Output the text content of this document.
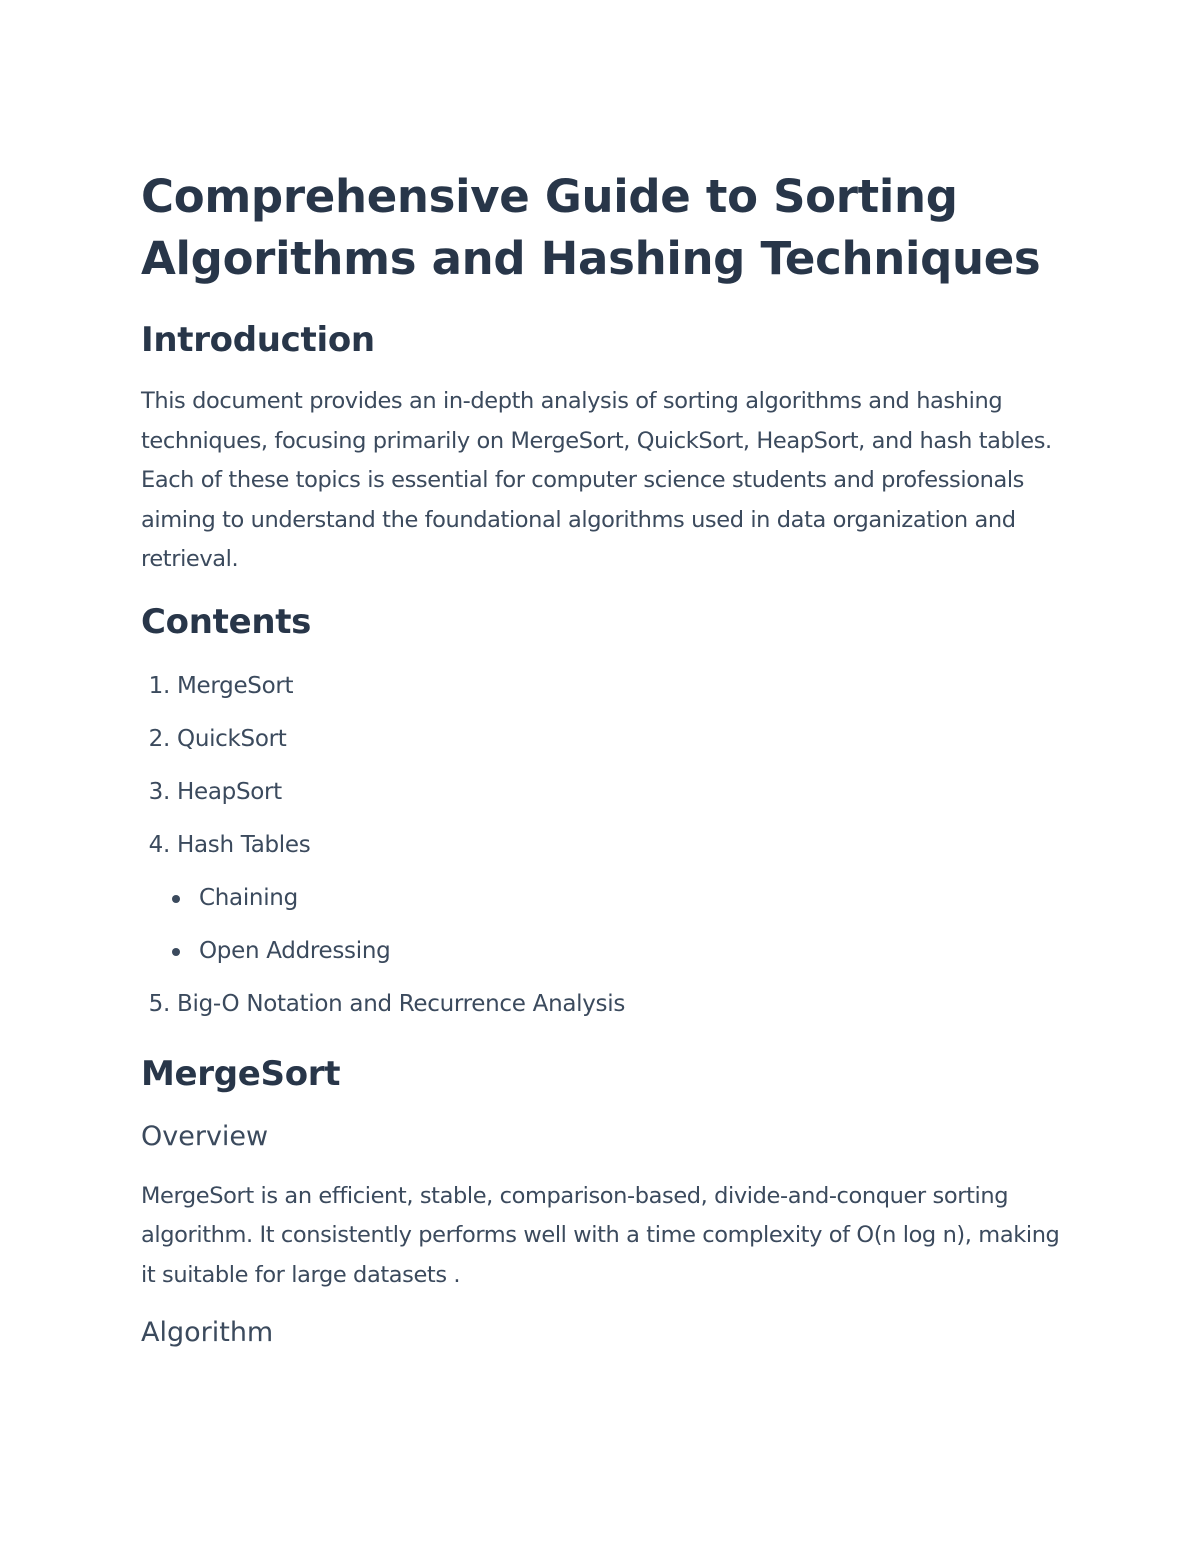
Comprehensive Guide to Sorting Algorithms and Hashing Techniques
Introduction

This document provides an in-depth analysis of sorting algorithms and hashing techniques, focusing primarily on MergeSort, QuickSort, HeapSort, and hash tables. Each of these topics is essential for computer science students and professionals aiming to understand the foundational algorithms used in data organization and retrieval.

Contents
1. MergeSort
2. QuickSort
3. HeapSort
4. Hash Tables
Chaining
Open Addressing
5. Big-O Notation and Recurrence Analysis
MergeSort
Overview

MergeSort is an efficient, stable, comparison-based, divide-and-conquer sorting algorithm. It consistently performs well with a time complexity of O(n log n), making it suitable for large datasets .

Algorithm
